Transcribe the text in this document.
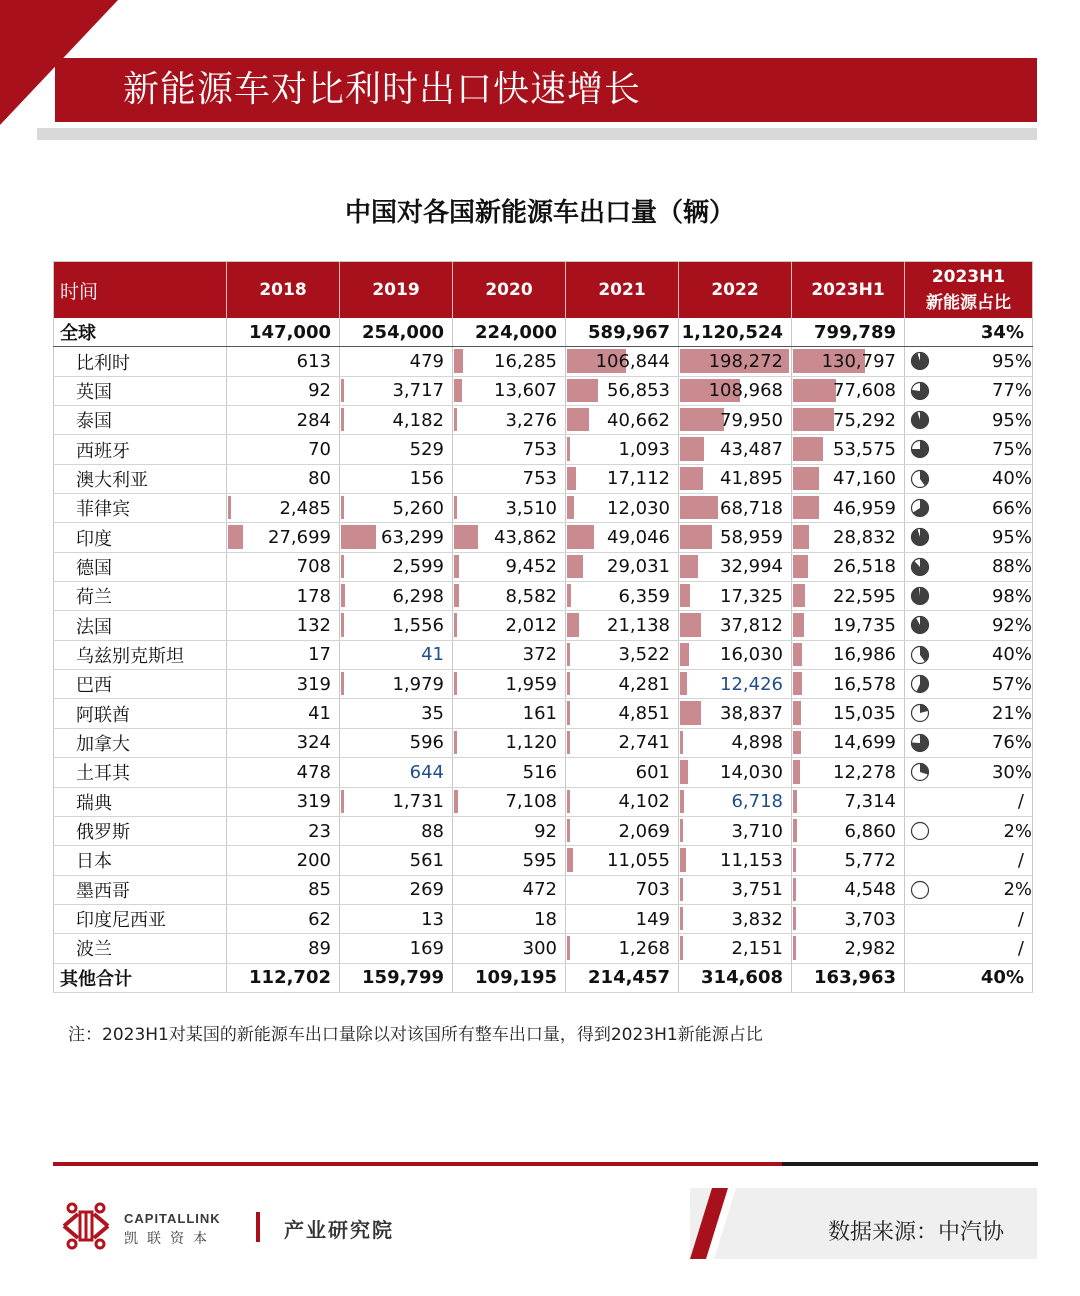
新能源车对比利时出口快速增长
中国对各国新能源车出口量（辆）
时间	2018	2019	2020	2021	2022	2023H1	2023H1
新能源占比

全球	147,000	254,000	224,000	589,967	1,120,524	799,789	34%
比利时	613	479	16,285	106,844	198,272	130,797	95%
英国	92	3,717	13,607	56,853	108,968	77,608	77%
泰国	284	4,182	3,276	40,662	79,950	75,292	95%
西班牙	70	529	753	1,093	43,487	53,575	75%
澳大利亚	80	156	753	17,112	41,895	47,160	40%
菲律宾	2,485	5,260	3,510	12,030	68,718	46,959	66%
印度	27,699	63,299	43,862	49,046	58,959	28,832	95%
德国	708	2,599	9,452	29,031	32,994	26,518	88%
荷兰	178	6,298	8,582	6,359	17,325	22,595	98%
法国	132	1,556	2,012	21,138	37,812	19,735	92%
乌兹别克斯坦	17	41	372	3,522	16,030	16,986	40%
巴西	319	1,979	1,959	4,281	12,426	16,578	57%
阿联酋	41	35	161	4,851	38,837	15,035	21%
加拿大	324	596	1,120	2,741	4,898	14,699	76%
土耳其	478	644	516	601	14,030	12,278	30%
瑞典	319	1,731	7,108	4,102	6,718	7,314	/
俄罗斯	23	88	92	2,069	3,710	6,860	2%
日本	200	561	595	11,055	11,153	5,772	/
墨西哥	85	269	472	703	3,751	4,548	2%
印度尼西亚	62	13	18	149	3,832	3,703	/
波兰	89	169	300	1,268	2,151	2,982	/
其他合计	112,702	159,799	109,195	214,457	314,608	163,963	40%
注：2023H1对某国的新能源车出口量除以对该国所有整车出口量，得到2023H1新能源占比
CAPITALLINK
凯联资本	产业研究院	数据来源：中汽协
